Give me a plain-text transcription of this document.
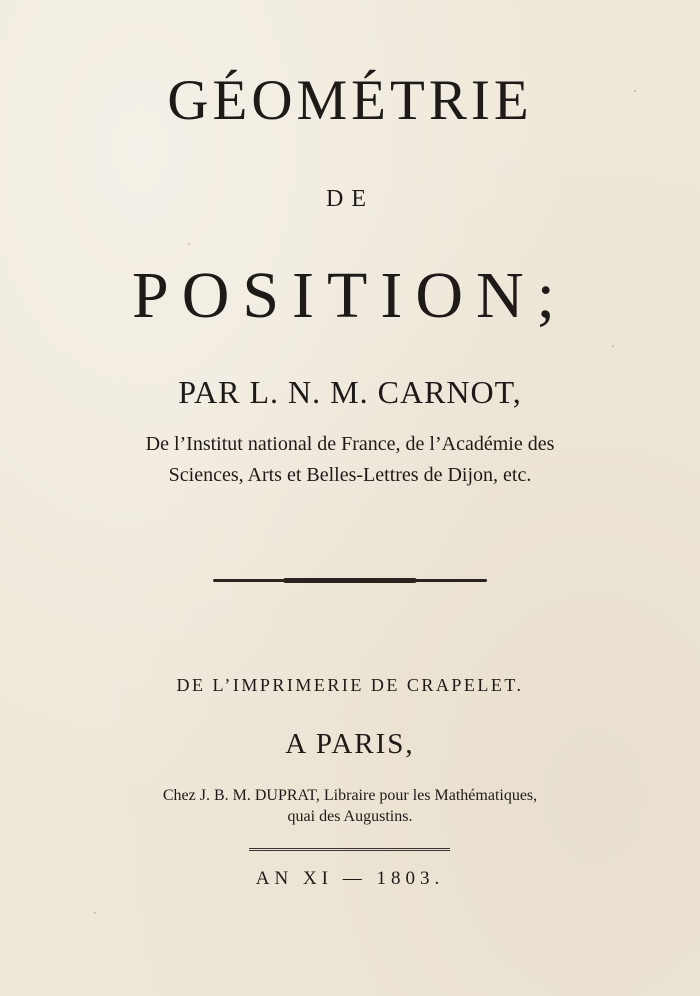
GÉOMÉTRIE
DE
POSITION;
PAR L. N. M. CARNOT,
De l’Institut national de France, de l’Académie des
Sciences, Arts et Belles-Lettres de Dijon, etc.
DE L’IMPRIMERIE DE CRAPELET.
A PARIS,
Chez J. B. M. DUPRAT, Libraire pour les Mathématiques,
quai des Augustins.
AN XI — 1803.
